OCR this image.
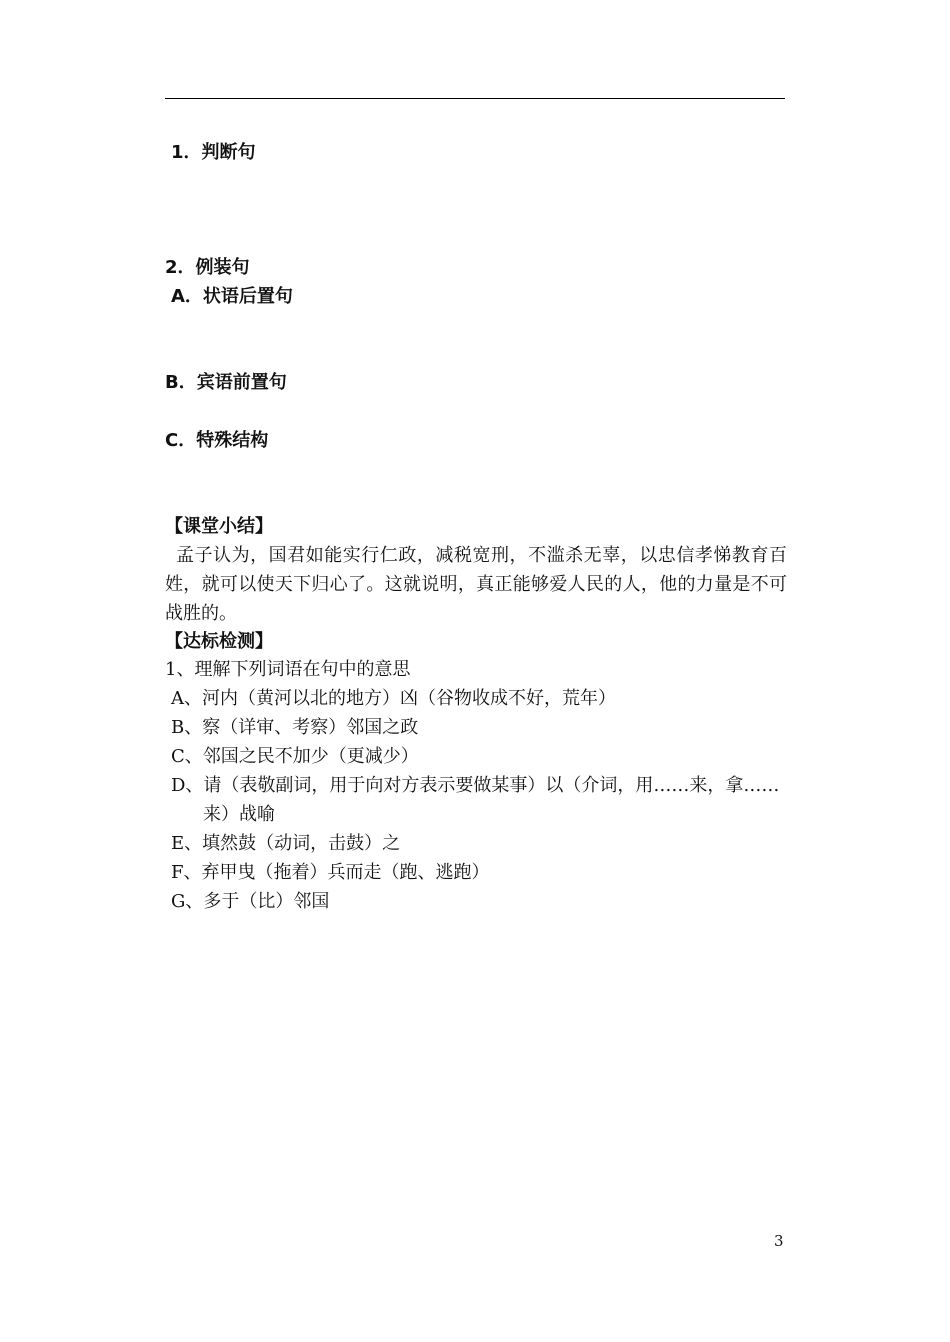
1．判断句
2．例装句
A．状语后置句
B．宾语前置句
C．特殊结构
【课堂小结】
孟子认为，国君如能实行仁政，减税宽刑，不滥杀无辜，以忠信孝悌教育百姓，就可以使天下归心了。这就说明，真正能够爱人民的人，他的力量是不可战胜的。
【达标检测】
1、理解下列词语在句中的意思
A、河内（黄河以北的地方）凶（谷物收成不好，荒年）
B、察（详审、考察）邻国之政
C、邻国之民不加少（更减少）
D、请（表敬副词，用于向对方表示要做某事）以（介词，用……来，拿……
来）战喻
E、填然鼓（动词，击鼓）之
F、弃甲曳（拖着）兵而走（跑、逃跑）
G、多于（比）邻国
3
